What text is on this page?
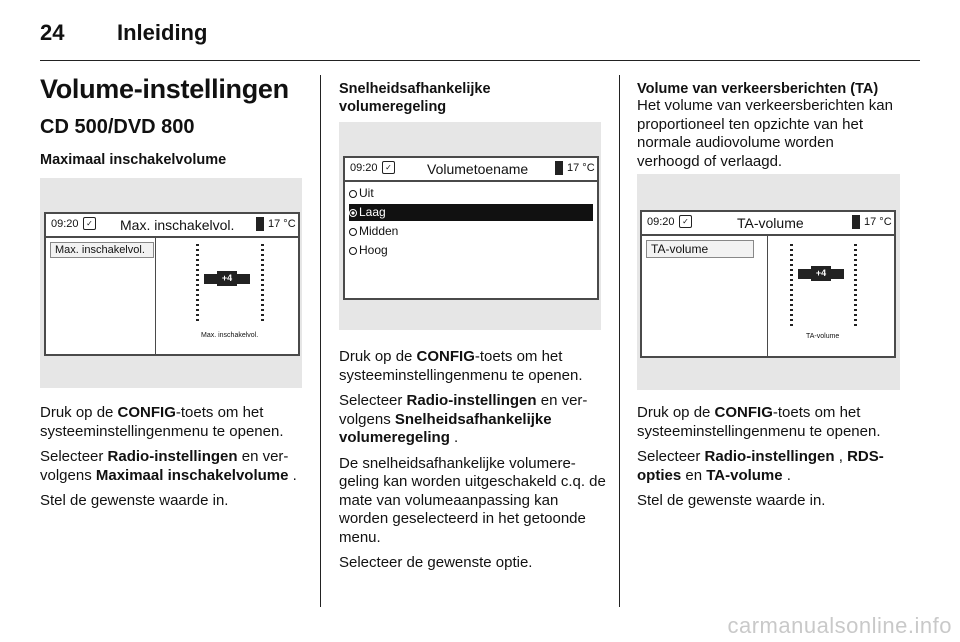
24 Inleiding
Volume-instellingen
CD 500/DVD 800
Maximaal inschakelvolume
09:20 ✓ Max. inschakelvol.	17 °C
Max. inschakelvol.
+4
Max. inschakelvol.

Druk op de CONFIG-toets om het systeeminstellingenmenu te openen.

Selecteer Radio-instellingen en ver-volgens Maximaal inschakelvolume .

Stel de gewenste waarde in.

Snelheidsafhankelijke volumeregeling
09:20 ✓	Volumetoename	17 °C
Uit
Laag
Midden
Hoog

Druk op de CONFIG-toets om het systeeminstellingenmenu te openen.

Selecteer Radio-instellingen en ver-volgens Snelheidsafhankelijke volumeregeling .

De snelheidsafhankelijke volumere-geling kan worden uitgeschakeld c.q. de mate van volumeaanpassing kan worden geselecteerd in het getoonde menu.

Selecteer de gewenste optie.

Volume van verkeersberichten (TA)
Het volume van verkeersberichten kan proportioneel ten opzichte van het normale audiovolume worden verhoogd of verlaagd.
09:20 ✓	TA-volume	17 °C
TA-volume
+4
TA-volume

Druk op de CONFIG-toets om het systeeminstellingenmenu te openen.

Selecteer Radio-instellingen , RDS-opties en TA-volume .

Stel de gewenste waarde in.

carmanualsonline.info
